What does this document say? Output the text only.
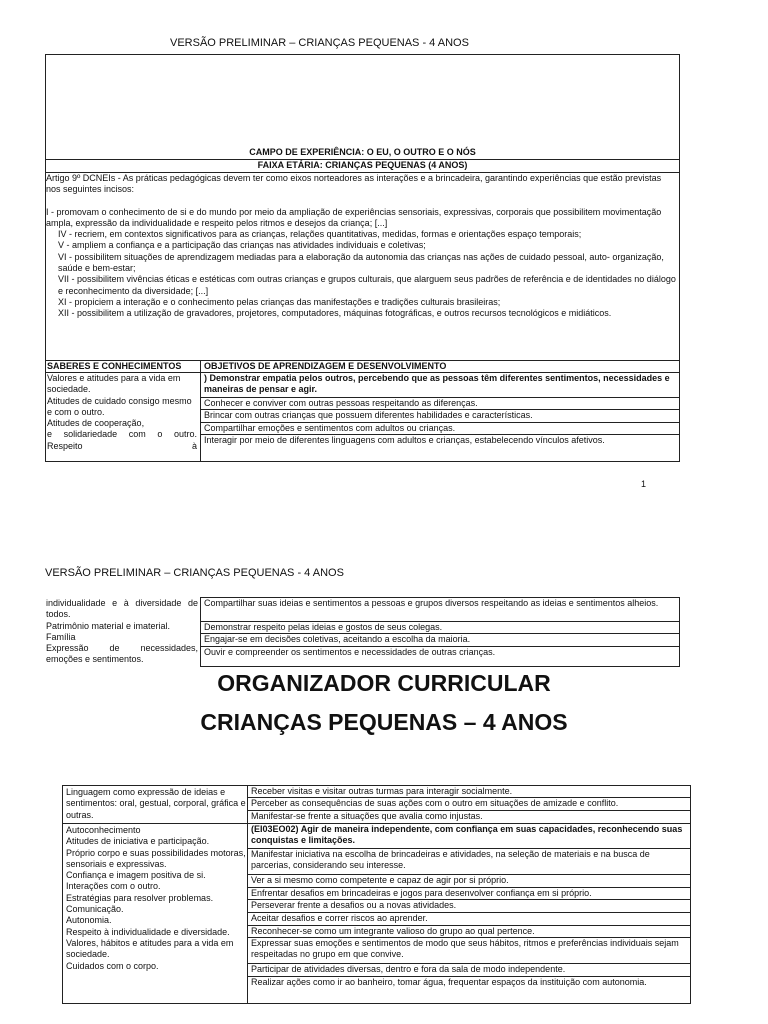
VERSÃO PRELIMINAR – CRIANÇAS PEQUENAS - 4 ANOS
CAMPO DE EXPERIÊNCIA: O EU, O OUTRO E O NÓS
FAIXA ETÁRIA: CRIANÇAS PEQUENAS (4 ANOS)

Artigo 9º DCNEIs - As práticas pedagógicas devem ter como eixos norteadores as interações e a brincadeira, garantindo experiências que estão previstas nos seguintes incisos:

I - promovam o conhecimento de si e do mundo por meio da ampliação de experiências sensoriais, expressivas, corporais que possibilitem movimentação ampla, expressão da individualidade e respeito pelos ritmos e desejos da criança; [...]

IV - recriem, em contextos significativos para as crianças, relações quantitativas, medidas, formas e orientações espaço temporais;

V - ampliem a confiança e a participação das crianças nas atividades individuais e coletivas;

VI - possibilitem situações de aprendizagem mediadas para a elaboração da autonomia das crianças nas ações de cuidado pessoal, auto- organização, saúde e bem-estar;

VII - possibilitem vivências éticas e estéticas com outras crianças e grupos culturais, que alarguem seus padrões de referência e de identidades no diálogo e reconhecimento da diversidade; [...]

XI - propiciem a interação e o conhecimento pelas crianças das manifestações e tradições culturais brasileiras;

XII - possibilitem a utilização de gravadores, projetores, computadores, máquinas fotográficas, e outros recursos tecnológicos e midiáticos.

SABERES E CONHECIMENTOS	OBJETIVOS DE APRENDIZAGEM E DESENVOLVIMENTO

Valores e atitudes para a vida em sociedade.

Atitudes de cuidado consigo mesmo e com o outro.

Atitudes de cooperação,

e solidariedade com o outro. Respeito à

) Demonstrar empatia pelos outros, percebendo que as pessoas têm diferentes sentimentos, necessidades e maneiras de pensar e agir.
Conhecer e conviver com outras pessoas respeitando as diferenças.
Brincar com outras crianças que possuem diferentes habilidades e características.
Compartilhar emoções e sentimentos com adultos ou crianças.
Interagir por meio de diferentes linguagens com adultos e crianças, estabelecendo vínculos afetivos.
1
VERSÃO PRELIMINAR – CRIANÇAS PEQUENAS - 4 ANOS

individualidade e à diversidade de todos.

Patrimônio material e imaterial.

Família

Expressão de necessidades, emoções e sentimentos.

Compartilhar suas ideias e sentimentos a pessoas e grupos diversos respeitando as ideias e sentimentos alheios.
Demonstrar respeito pelas ideias e gostos de seus colegas.
Engajar-se em decisões coletivas, aceitando a escolha da maioria.
Ouvir e compreender os sentimentos e necessidades de outras crianças.
ORGANIZADOR CURRICULAR
CRIANÇAS PEQUENAS – 4 ANOS
Linguagem como expressão de ideias e sentimentos: oral, gestual, corporal, gráfica e outras.

Autoconhecimento

Atitudes de iniciativa e participação.

Próprio corpo e suas possibilidades motoras, sensoriais e expressivas.

Confiança e imagem positiva de si.

Interações com o outro.

Estratégias para resolver problemas.

Comunicação.

Autonomia.

Respeito à individualidade e diversidade.

Valores, hábitos e atitudes para a vida em sociedade.

Cuidados com o corpo.

Receber visitas e visitar outras turmas para interagir socialmente.
Perceber as consequências de suas ações com o outro em situações de amizade e conflito.
Manifestar-se frente a situações que avalia como injustas.
(EI03EO02) Agir de maneira independente, com confiança em suas capacidades, reconhecendo suas conquistas e limitações.
Manifestar iniciativa na escolha de brincadeiras e atividades, na seleção de materiais e na busca de parcerias, considerando seu interesse.
Ver a si mesmo como competente e capaz de agir por si próprio.
Enfrentar desafios em brincadeiras e jogos para desenvolver confiança em si próprio.
Perseverar frente a desafios ou a novas atividades.
Aceitar desafios e correr riscos ao aprender.
Reconhecer-se como um integrante valioso do grupo ao qual pertence.
Expressar suas emoções e sentimentos de modo que seus hábitos, ritmos e preferências individuais sejam respeitadas no grupo em que convive.
Participar de atividades diversas, dentro e fora da sala de modo independente.
Realizar ações como ir ao banheiro, tomar água, frequentar espaços da instituição com autonomia.
